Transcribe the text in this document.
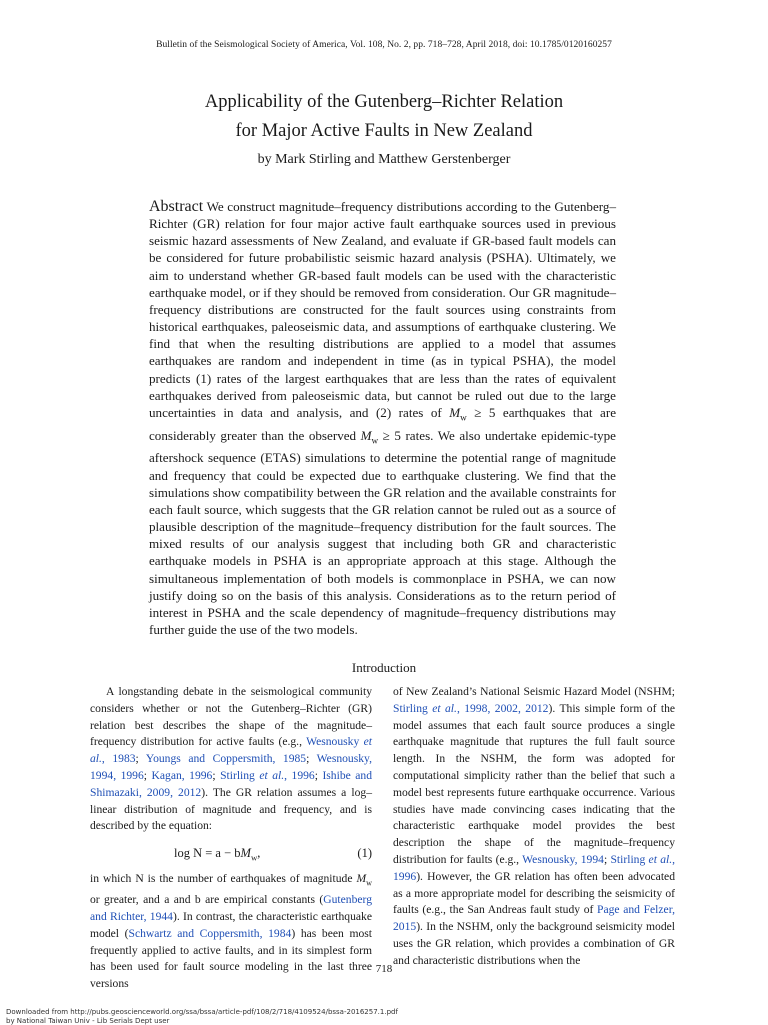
Bulletin of the Seismological Society of America, Vol. 108, No. 2, pp. 718–728, April 2018, doi: 10.1785/0120160257
Applicability of the Gutenberg–Richter Relation
for Major Active Faults in New Zealand
by Mark Stirling and Matthew Gerstenberger
Abstract We construct magnitude–frequency distributions according to the Gutenberg–Richter (GR) relation for four major active fault earthquake sources used in previous seismic hazard assessments of New Zealand, and evaluate if GR-based fault models can be considered for future probabilistic seismic hazard analysis (PSHA). Ultimately, we aim to understand whether GR-based fault models can be used with the characteristic earthquake model, or if they should be removed from consideration. Our GR magnitude–frequency distributions are constructed for the fault sources using constraints from historical earthquakes, paleoseismic data, and assumptions of earthquake clustering. We find that when the resulting distributions are applied to a model that assumes earthquakes are random and independent in time (as in typical PSHA), the model predicts (1) rates of the largest earthquakes that are less than the rates of equivalent earthquakes derived from paleoseismic data, but cannot be ruled out due to the large uncertainties in data and analysis, and (2) rates of $M_w \ge 5$ earthquakes that are considerably greater than the observed $M_w \ge 5$ rates. We also undertake epidemic-type aftershock sequence (ETAS) simulations to determine the potential range of magnitude and frequency that could be expected due to earthquake clustering. We find that the simulations show compatibility between the GR relation and the available constraints for each fault source, which suggests that the GR relation cannot be ruled out as a source of plausible description of the magnitude–frequency distribution for the fault sources. The mixed results of our analysis suggest that including both GR and characteristic earthquake models in PSHA is an appropriate approach at this stage. Although the simultaneous implementation of both models is commonplace in PSHA, we can now justify doing so on the basis of this analysis. Considerations as to the return period of interest in PSHA and the scale dependency of magnitude–frequency distributions may further guide the use of the two models.
Introduction

A longstanding debate in the seismological community considers whether or not the Gutenberg–Richter (GR) relation best describes the shape of the magnitude–frequency distribution for active faults (e.g., Wesnousky et al., 1983; Youngs and Coppersmith, 1985; Wesnousky, 1994, 1996; Kagan, 1996; Stirling et al., 1996; Ishibe and Shimazaki, 2009, 2012). The GR relation assumes a log–linear distribution of magnitude and frequency, and is described by the equation:

$\log N = a - bM_w$,	(1)

in which N is the number of earthquakes of magnitude $M_w$ or greater, and a and b are empirical constants (Gutenberg and Richter, 1944). In contrast, the characteristic earthquake model (Schwartz and Coppersmith, 1984) has been most frequently applied to active faults, and in its simplest form has been used for fault source modeling in the last three versions

of New Zealand’s National Seismic Hazard Model (NSHM; Stirling et al., 1998, 2002, 2012). This simple form of the model assumes that each fault source produces a single earthquake magnitude that ruptures the full fault source length. In the NSHM, the form was adopted for computational simplicity rather than the belief that such a model best represents future earthquake occurrence. Various studies have made convincing cases indicating that the characteristic earthquake model provides the best description the shape of the magnitude–frequency distribution for faults (e.g., Wesnousky, 1994; Stirling et al., 1996). However, the GR relation has often been advocated as a more appropriate model for describing the seismicity of faults (e.g., the San Andreas fault study of Page and Felzer, 2015). In the NSHM, only the background seismicity model uses the GR relation, which provides a combination of GR and characteristic distributions when the

718
Downloaded from http://pubs.geoscienceworld.org/ssa/bssa/article-pdf/108/2/718/4109524/bssa-2016257.1.pdf
by National Taiwan Univ - Lib Serials Dept user
